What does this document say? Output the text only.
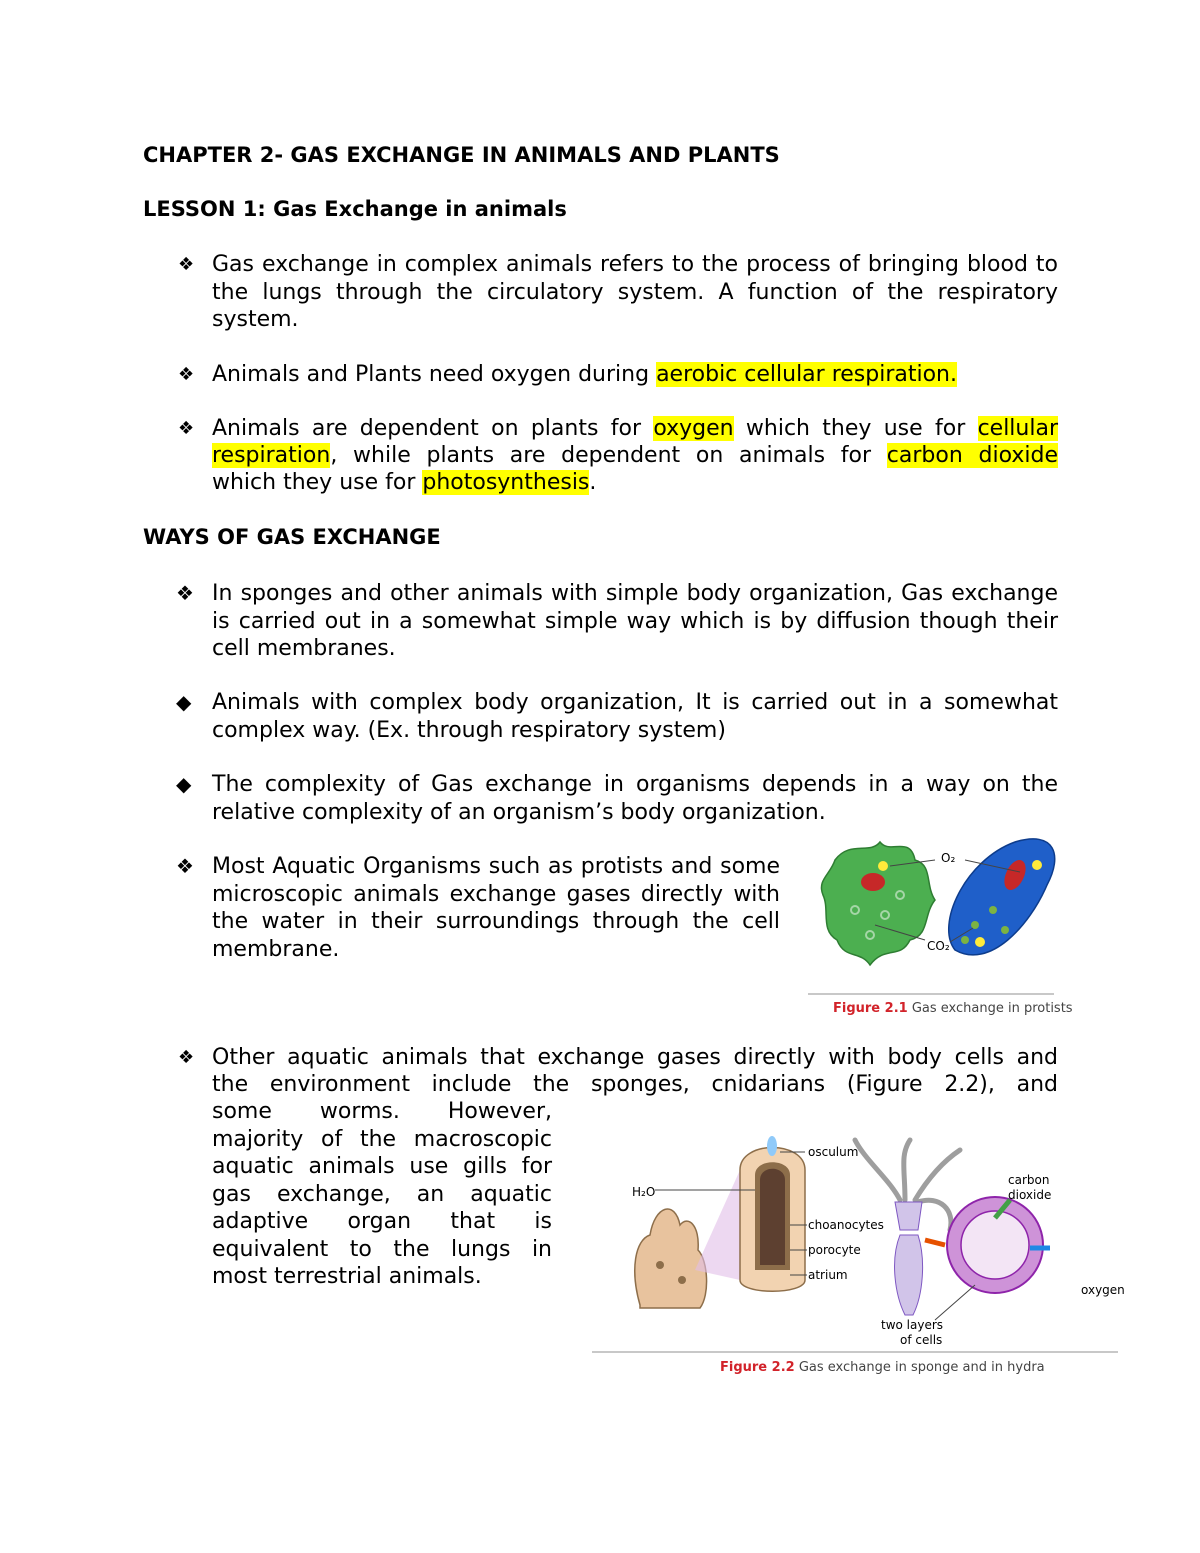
CHAPTER 2- GAS EXCHANGE IN ANIMALS AND PLANTS
LESSON 1: Gas Exchange in animals
❖ Gas exchange in complex animals refers to the process of bringing blood to the lungs through the circulatory system. A function of the respiratory system.
❖ Animals and Plants need oxygen during aerobic cellular respiration.
❖ Animals are dependent on plants for oxygen which they use for cellular
respiration, while plants are dependent on animals for carbon dioxide
which they use for photosynthesis.
WAYS OF GAS EXCHANGE
❖ In sponges and other animals with simple body organization, Gas exchange is carried out in a somewhat simple way which is by diffusion though their cell membranes.
◆ Animals with complex body organization, It is carried out in a somewhat complex way. (Ex. through respiratory system)
◆ The complexity of Gas exchange in organisms depends in a way on the relative complexity of an organism’s body organization.
❖ Most Aquatic Organisms such as protists and some microscopic animals exchange gases directly with the water in their surroundings through the cell membrane.
O₂
CO₂
Figure 2.1 Gas exchange in protists
❖ Other aquatic animals that exchange gases directly with body cells and
the environment include the sponges, cnidarians (Figure 2.2), and
some worms. However, majority of the macroscopic aquatic animals use gills for gas exchange, an aquatic adaptive organ that is equivalent to the lungs in most terrestrial animals.
H₂O
osculum
choanocytes
porocyte
atrium
carbon
dioxide
two layers
of cells
oxygen
Figure 2.2 Gas exchange in sponge and in hydra
